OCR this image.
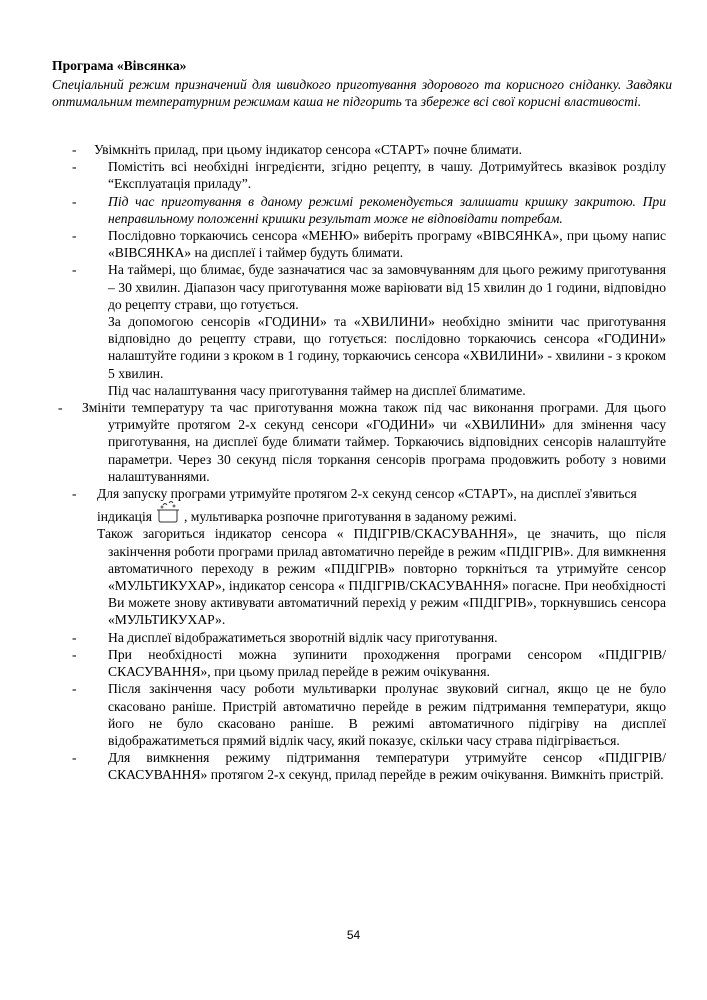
Програма «Вівсянка»
Спеціальний режим призначений для швидкого приготування здорового та корисного сніданку. Завдяки оптимальним температурним режимам каша не підгорить та збереже всі свої корисні властивості.
- Увімкніть прилад, при цьому індикатор сенсора «СТАРТ» почне блимати.
- Помістіть всі необхідні інгредієнти, згідно рецепту, в чашу. Дотримуйтесь вказівок розділу “Експлуатація приладу”.
- Під час приготування в даному режимі рекомендується залишати кришку закритою. При неправильному положенні кришки результат може не відповідати потребам.
- Послідовно торкаючись сенсора «МЕНЮ» виберіть програму «ВІВСЯНКА», при цьому напис «ВІВСЯНКА» на дисплеї і таймер будуть блимати.
- На таймері, що блимає, буде зазначатися час за замовчуванням для цього режиму приготування – 30 хвилин. Діапазон часу приготування може варіювати від 15 хвилин до 1 години, відповідно до рецепту страви, що готується.
За допомогою сенсорів «ГОДИНИ» та «ХВИЛИНИ» необхідно змінити час приготування відповідно до рецепту страви, що готується: послідовно торкаючись сенсора «ГОДИНИ» налаштуйте години з кроком в 1 годину, торкаючись сенсора «ХВИЛИНИ» - хвилини - з кроком 5 хвилин.
Під час налаштування часу приготування таймер на дисплеї блиматиме.
- Змініти температуру та час приготування можна також під час виконання програми. Для цього утримуйте протягом 2-х секунд сенсори «ГОДИНИ» чи «ХВИЛИНИ» для змінення часу приготування, на дисплеї буде блимати таймер. Торкаючись відповідних сенсорів налаштуйте параметри. Через 30 секунд після торкання сенсорів програма продовжить роботу з новими налаштуваннями.
- Для запуску програми утримуйте протягом 2-х секунд сенсор «СТАРТ», на дисплеї з'явиться
індикація , мультиварка розпочне приготування в заданому режимі.
Також загориться індикатор сенсора « ПІДІГРІВ/СКАСУВАННЯ», це значить, що після закінчення роботи програми прилад автоматично перейде в режим «ПІДІГРІВ». Для вимкнення автоматичного переходу в режим «ПІДІГРІВ» повторно торкніться та утримуйте сенсор «МУЛЬТИКУХАР», індикатор сенсора « ПІДІГРІВ/СКАСУВАННЯ» погасне. При необхідності Ви можете знову активувати автоматичний перехід у режим «ПІДІГРІВ», торкнувшись сенсора «МУЛЬТИКУХАР».
- На дисплеї відображатиметься зворотній відлік часу приготування.
- При необхідності можна зупинити проходження програми сенсором «ПІДІГРІВ/СКАСУВАННЯ», при цьому прилад перейде в режим очікування.
- Після закінчення часу роботи мультиварки пролунає звуковий сигнал, якщо це не було скасовано раніше. Пристрій автоматично перейде в режим підтримання температури, якщо його не було скасовано раніше. В режимі автоматичного підігріву на дисплеї відображатиметься прямий відлік часу, який показує, скільки часу страва підігрівається.
- Для вимкнення режиму підтримання температури утримуйте сенсор «ПІДІГРІВ/СКАСУВАННЯ» протягом 2-х секунд, прилад перейде в режим очікування. Вимкніть пристрій.
54
